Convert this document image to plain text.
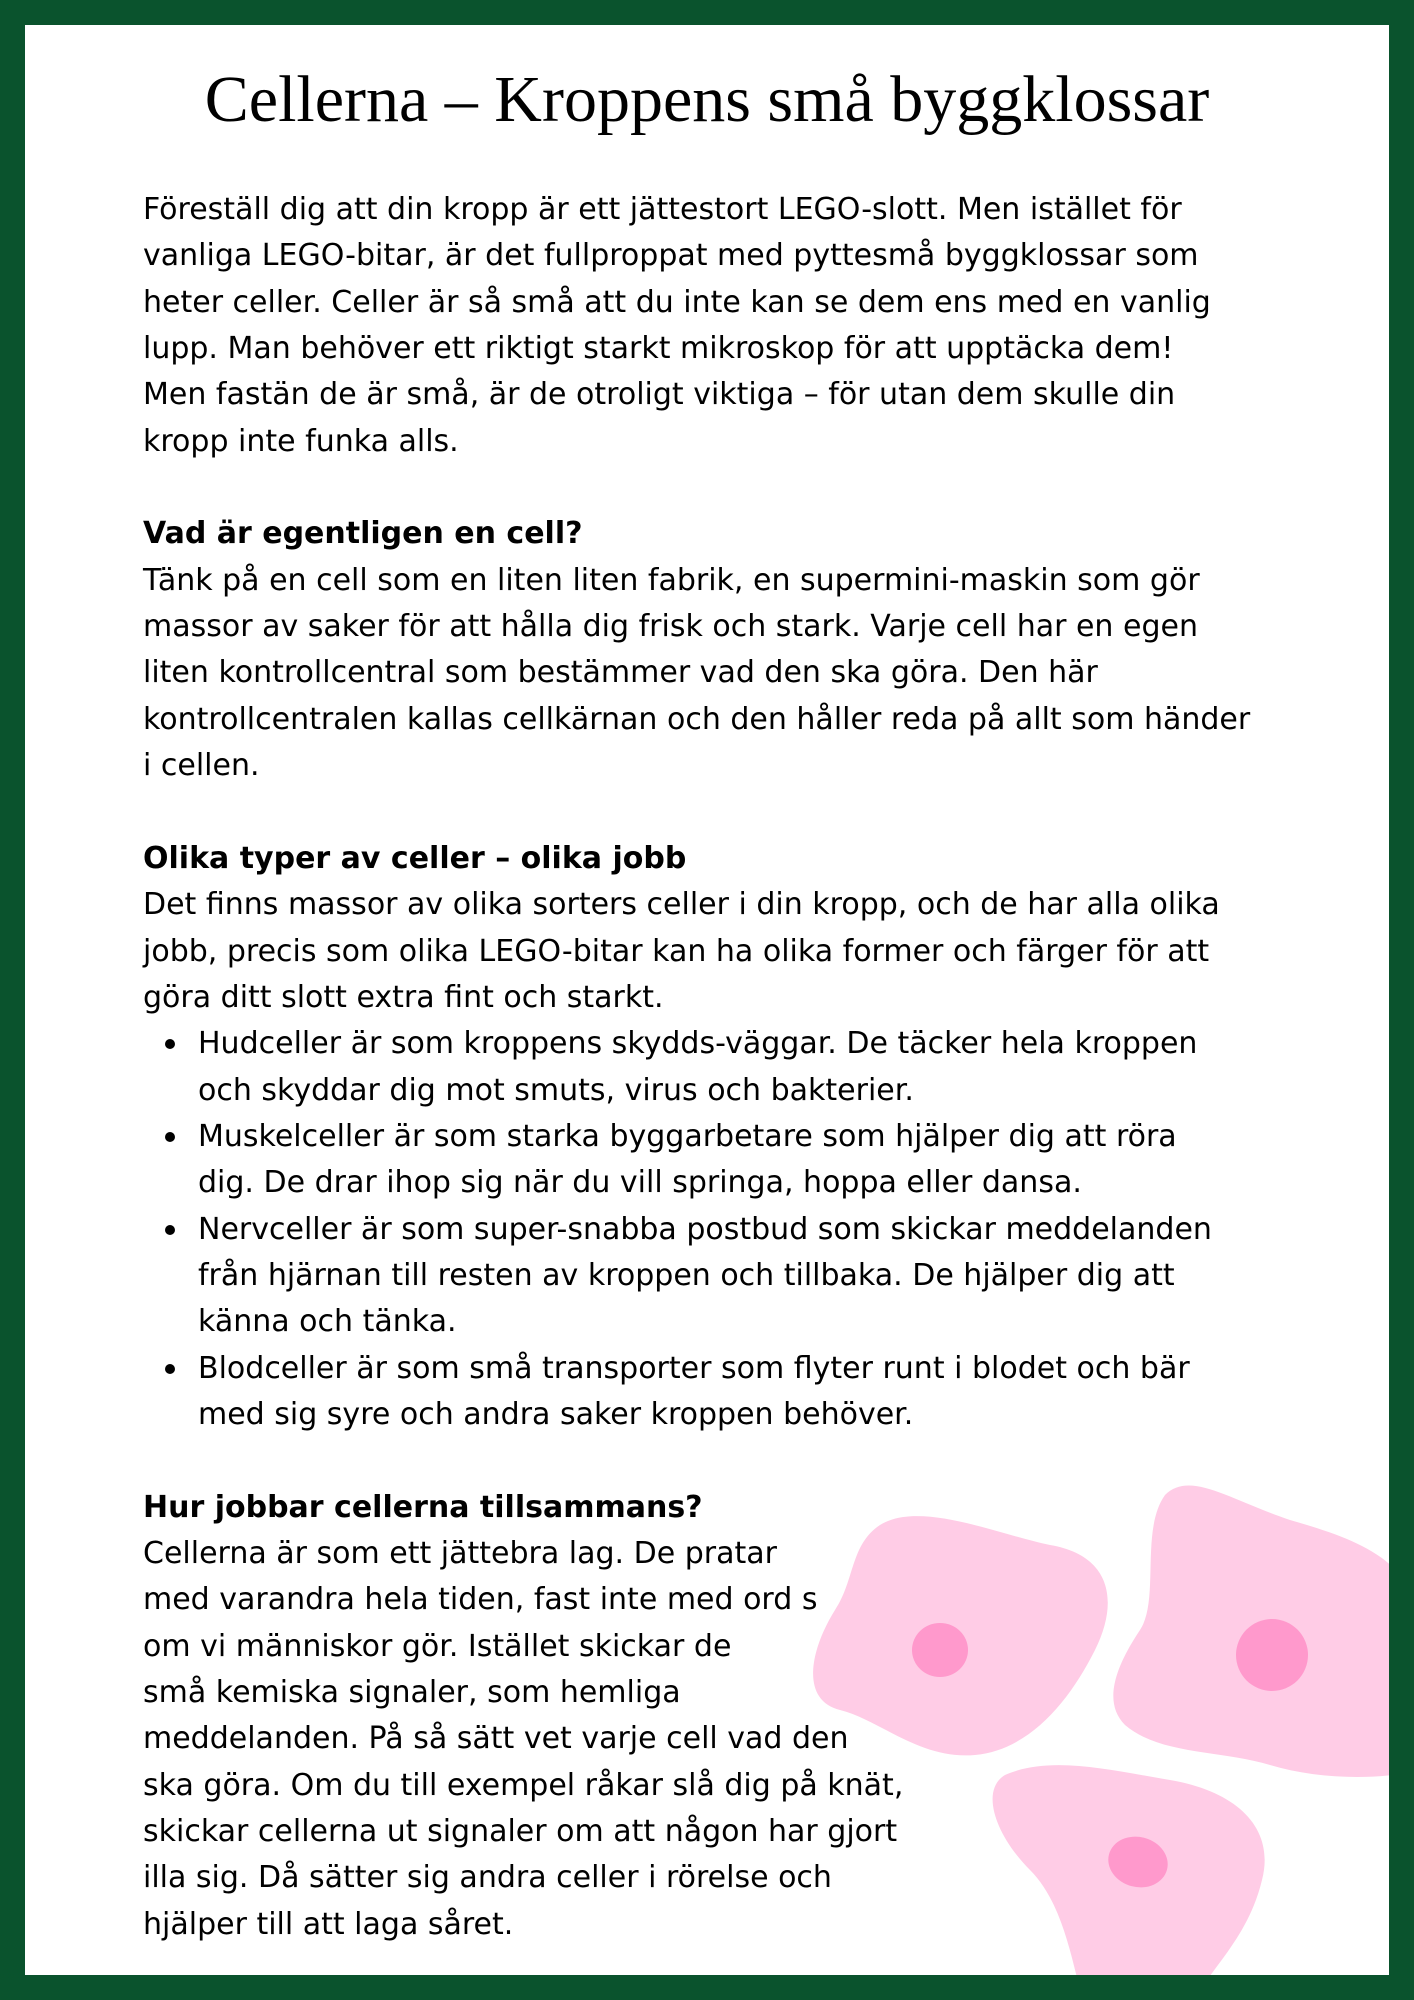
Cellerna – Kroppens små byggklossar
Föreställ dig att din kropp är ett jättestort LEGO-slott. Men istället för
vanliga LEGO-bitar, är det fullproppat med pyttesmå byggklossar som
heter celler. Celler är så små att du inte kan se dem ens med en vanlig
lupp. Man behöver ett riktigt starkt mikroskop för att upptäcka dem!
Men fastän de är små, är de otroligt viktiga – för utan dem skulle din
kropp inte funka alls.
Vad är egentligen en cell?
Tänk på en cell som en liten liten fabrik, en supermini-maskin som gör
massor av saker för att hålla dig frisk och stark. Varje cell har en egen
liten kontrollcentral som bestämmer vad den ska göra. Den här
kontrollcentralen kallas cellkärnan och den håller reda på allt som händer
i cellen.
Olika typer av celler – olika jobb
Det finns massor av olika sorters celler i din kropp, och de har alla olika
jobb, precis som olika LEGO-bitar kan ha olika former och färger för att
göra ditt slott extra fint och starkt.
Hudceller är som kroppens skydds-väggar. De täcker hela kroppen
och skyddar dig mot smuts, virus och bakterier.
Muskelceller är som starka byggarbetare som hjälper dig att röra
dig. De drar ihop sig när du vill springa, hoppa eller dansa.
Nervceller är som super-snabba postbud som skickar meddelanden
från hjärnan till resten av kroppen och tillbaka. De hjälper dig att
känna och tänka.
Blodceller är som små transporter som flyter runt i blodet och bär
med sig syre och andra saker kroppen behöver.
Hur jobbar cellerna tillsammans?
Cellerna är som ett jättebra lag. De pratar
med varandra hela tiden, fast inte med ord s
om vi människor gör. Istället skickar de
små kemiska signaler, som hemliga
meddelanden. På så sätt vet varje cell vad den
ska göra. Om du till exempel råkar slå dig på knät,
skickar cellerna ut signaler om att någon har gjort
illa sig. Då sätter sig andra celler i rörelse och
hjälper till att laga såret.
